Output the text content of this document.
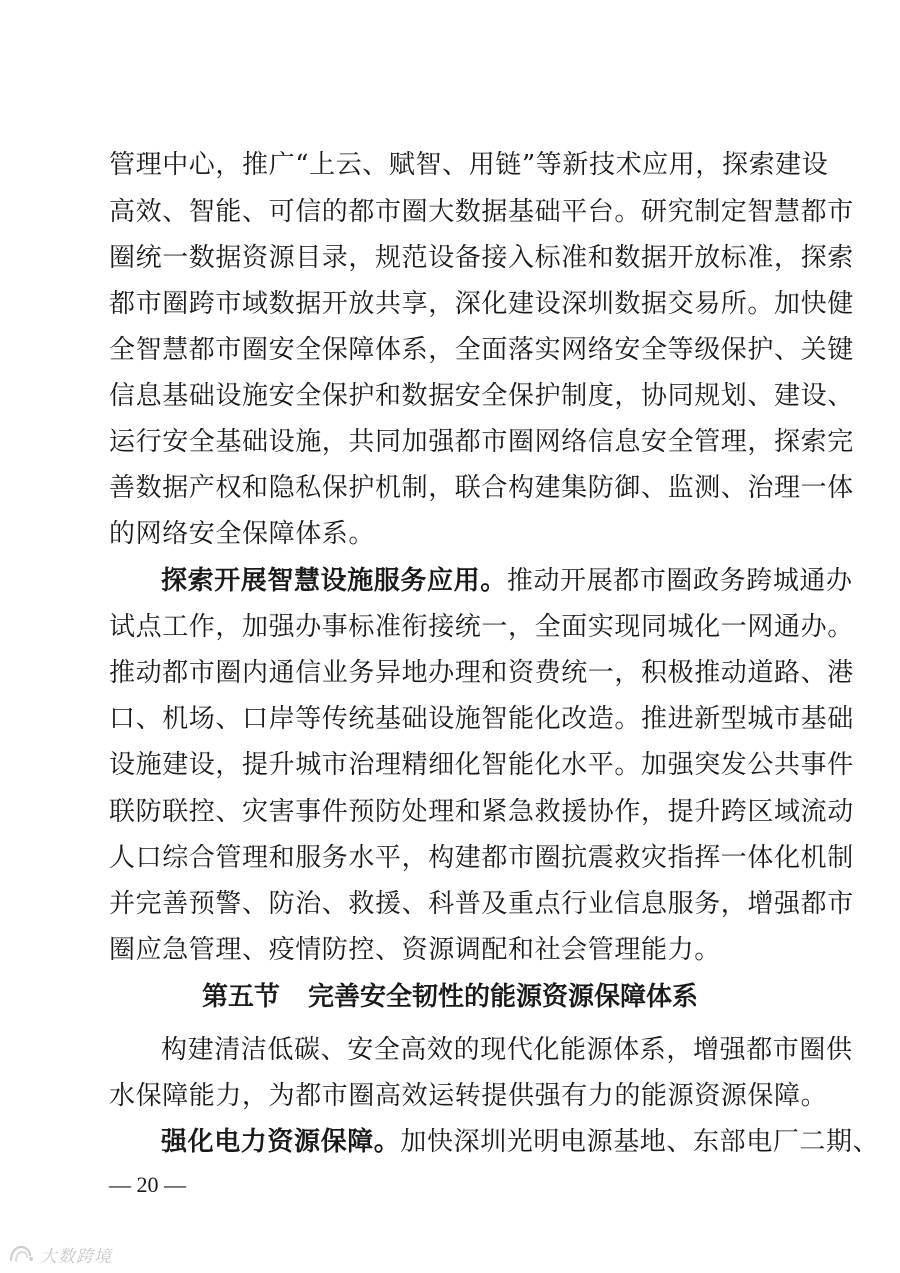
管理中心，推广“上云、赋智、用链”等新技术应用，探索建设
高效、智能、可信的都市圈大数据基础平台。研究制定智慧都市
圈统一数据资源目录，规范设备接入标准和数据开放标准，探索
都市圈跨市域数据开放共享，深化建设深圳数据交易所。加快健
全智慧都市圈安全保障体系，全面落实网络安全等级保护、关键
信息基础设施安全保护和数据安全保护制度，协同规划、建设、
运行安全基础设施，共同加强都市圈网络信息安全管理，探索完
善数据产权和隐私保护机制，联合构建集防御、监测、治理一体
的网络安全保障体系。
探索开展智慧设施服务应用。推动开展都市圈政务跨城通办
试点工作，加强办事标准衔接统一，全面实现同城化一网通办。
推动都市圈内通信业务异地办理和资费统一，积极推动道路、港
口、机场、口岸等传统基础设施智能化改造。推进新型城市基础
设施建设，提升城市治理精细化智能化水平。加强突发公共事件
联防联控、灾害事件预防处理和紧急救援协作，提升跨区域流动
人口综合管理和服务水平，构建都市圈抗震救灾指挥一体化机制
并完善预警、防治、救援、科普及重点行业信息服务，增强都市
圈应急管理、疫情防控、资源调配和社会管理能力。
第五节 完善安全韧性的能源资源保障体系
构建清洁低碳、安全高效的现代化能源体系，增强都市圈供
水保障能力，为都市圈高效运转提供强有力的能源资源保障。
强化电力资源保障。加快深圳光明电源基地、东部电厂二期、
— 20 —
大数跨境
